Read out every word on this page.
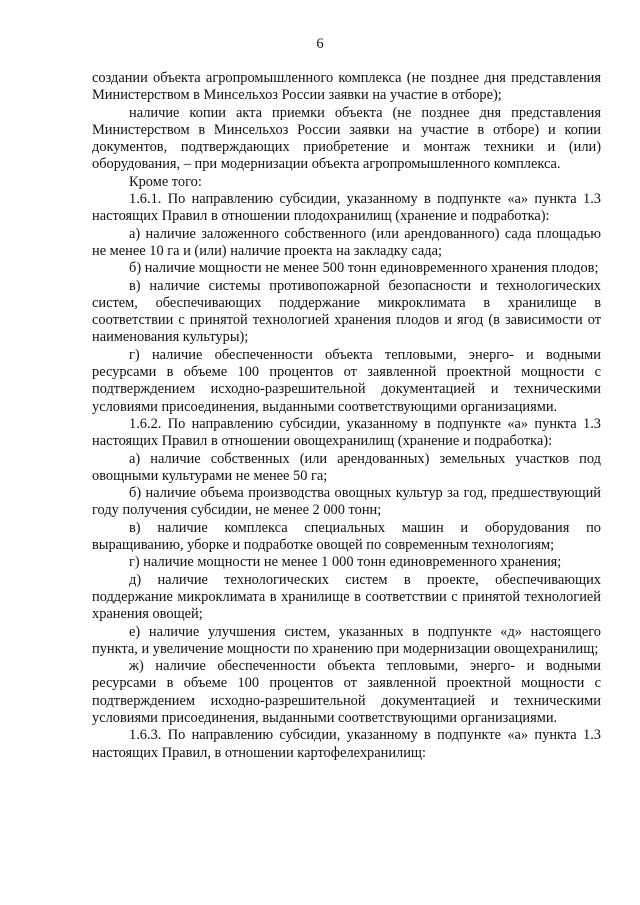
6

создании объекта агропромышленного комплекса (не позднее дня представления Министерством в Минсельхоз России заявки на участие в отборе);

наличие копии акта приемки объекта (не позднее дня представления Министерством в Минсельхоз России заявки на участие в отборе) и копии документов, подтверждающих приобретение и монтаж техники и (или) оборудования, – при модернизации объекта агропромышленного комплекса.

Кроме того:

1.6.1. По направлению субсидии, указанному в подпункте «а» пункта 1.3 настоящих Правил в отношении плодохранилищ (хранение и подработка):

а) наличие заложенного собственного (или арендованного) сада площадью не менее 10 га и (или) наличие проекта на закладку сада;

б) наличие мощности не менее 500 тонн единовременного хранения плодов;

в) наличие системы противопожарной безопасности и технологических систем, обеспечивающих поддержание микроклимата в хранилище в соответствии с принятой технологией хранения плодов и ягод (в зависимости от наименования культуры);

г) наличие обеспеченности объекта тепловыми, энерго- и водными ресурсами в объеме 100 процентов от заявленной проектной мощности с подтверждением исходно-разрешительной документацией и техническими условиями присоединения, выданными соответствующими организациями.

1.6.2. По направлению субсидии, указанному в подпункте «а» пункта 1.3 настоящих Правил в отношении овощехранилищ (хранение и подработка):

а) наличие собственных (или арендованных) земельных участков под овощными культурами не менее 50 га;

б) наличие объема производства овощных культур за год, предшествующий году получения субсидии, не менее 2 000 тонн;

в) наличие комплекса специальных машин и оборудования по выращиванию, уборке и подработке овощей по современным технологиям;

г) наличие мощности не менее 1 000 тонн единовременного хранения;

д) наличие технологических систем в проекте, обеспечивающих поддержание микроклимата в хранилище в соответствии с принятой технологией хранения овощей;

е) наличие улучшения систем, указанных в подпункте «д» настоящего пункта, и увеличение мощности по хранению при модернизации овощехранилищ;

ж) наличие обеспеченности объекта тепловыми, энерго- и водными ресурсами в объеме 100 процентов от заявленной проектной мощности с подтверждением исходно-разрешительной документацией и техническими условиями присоединения, выданными соответствующими организациями.

1.6.3. По направлению субсидии, указанному в подпункте «а» пункта 1.3 настоящих Правил, в отношении картофелехранилищ:
